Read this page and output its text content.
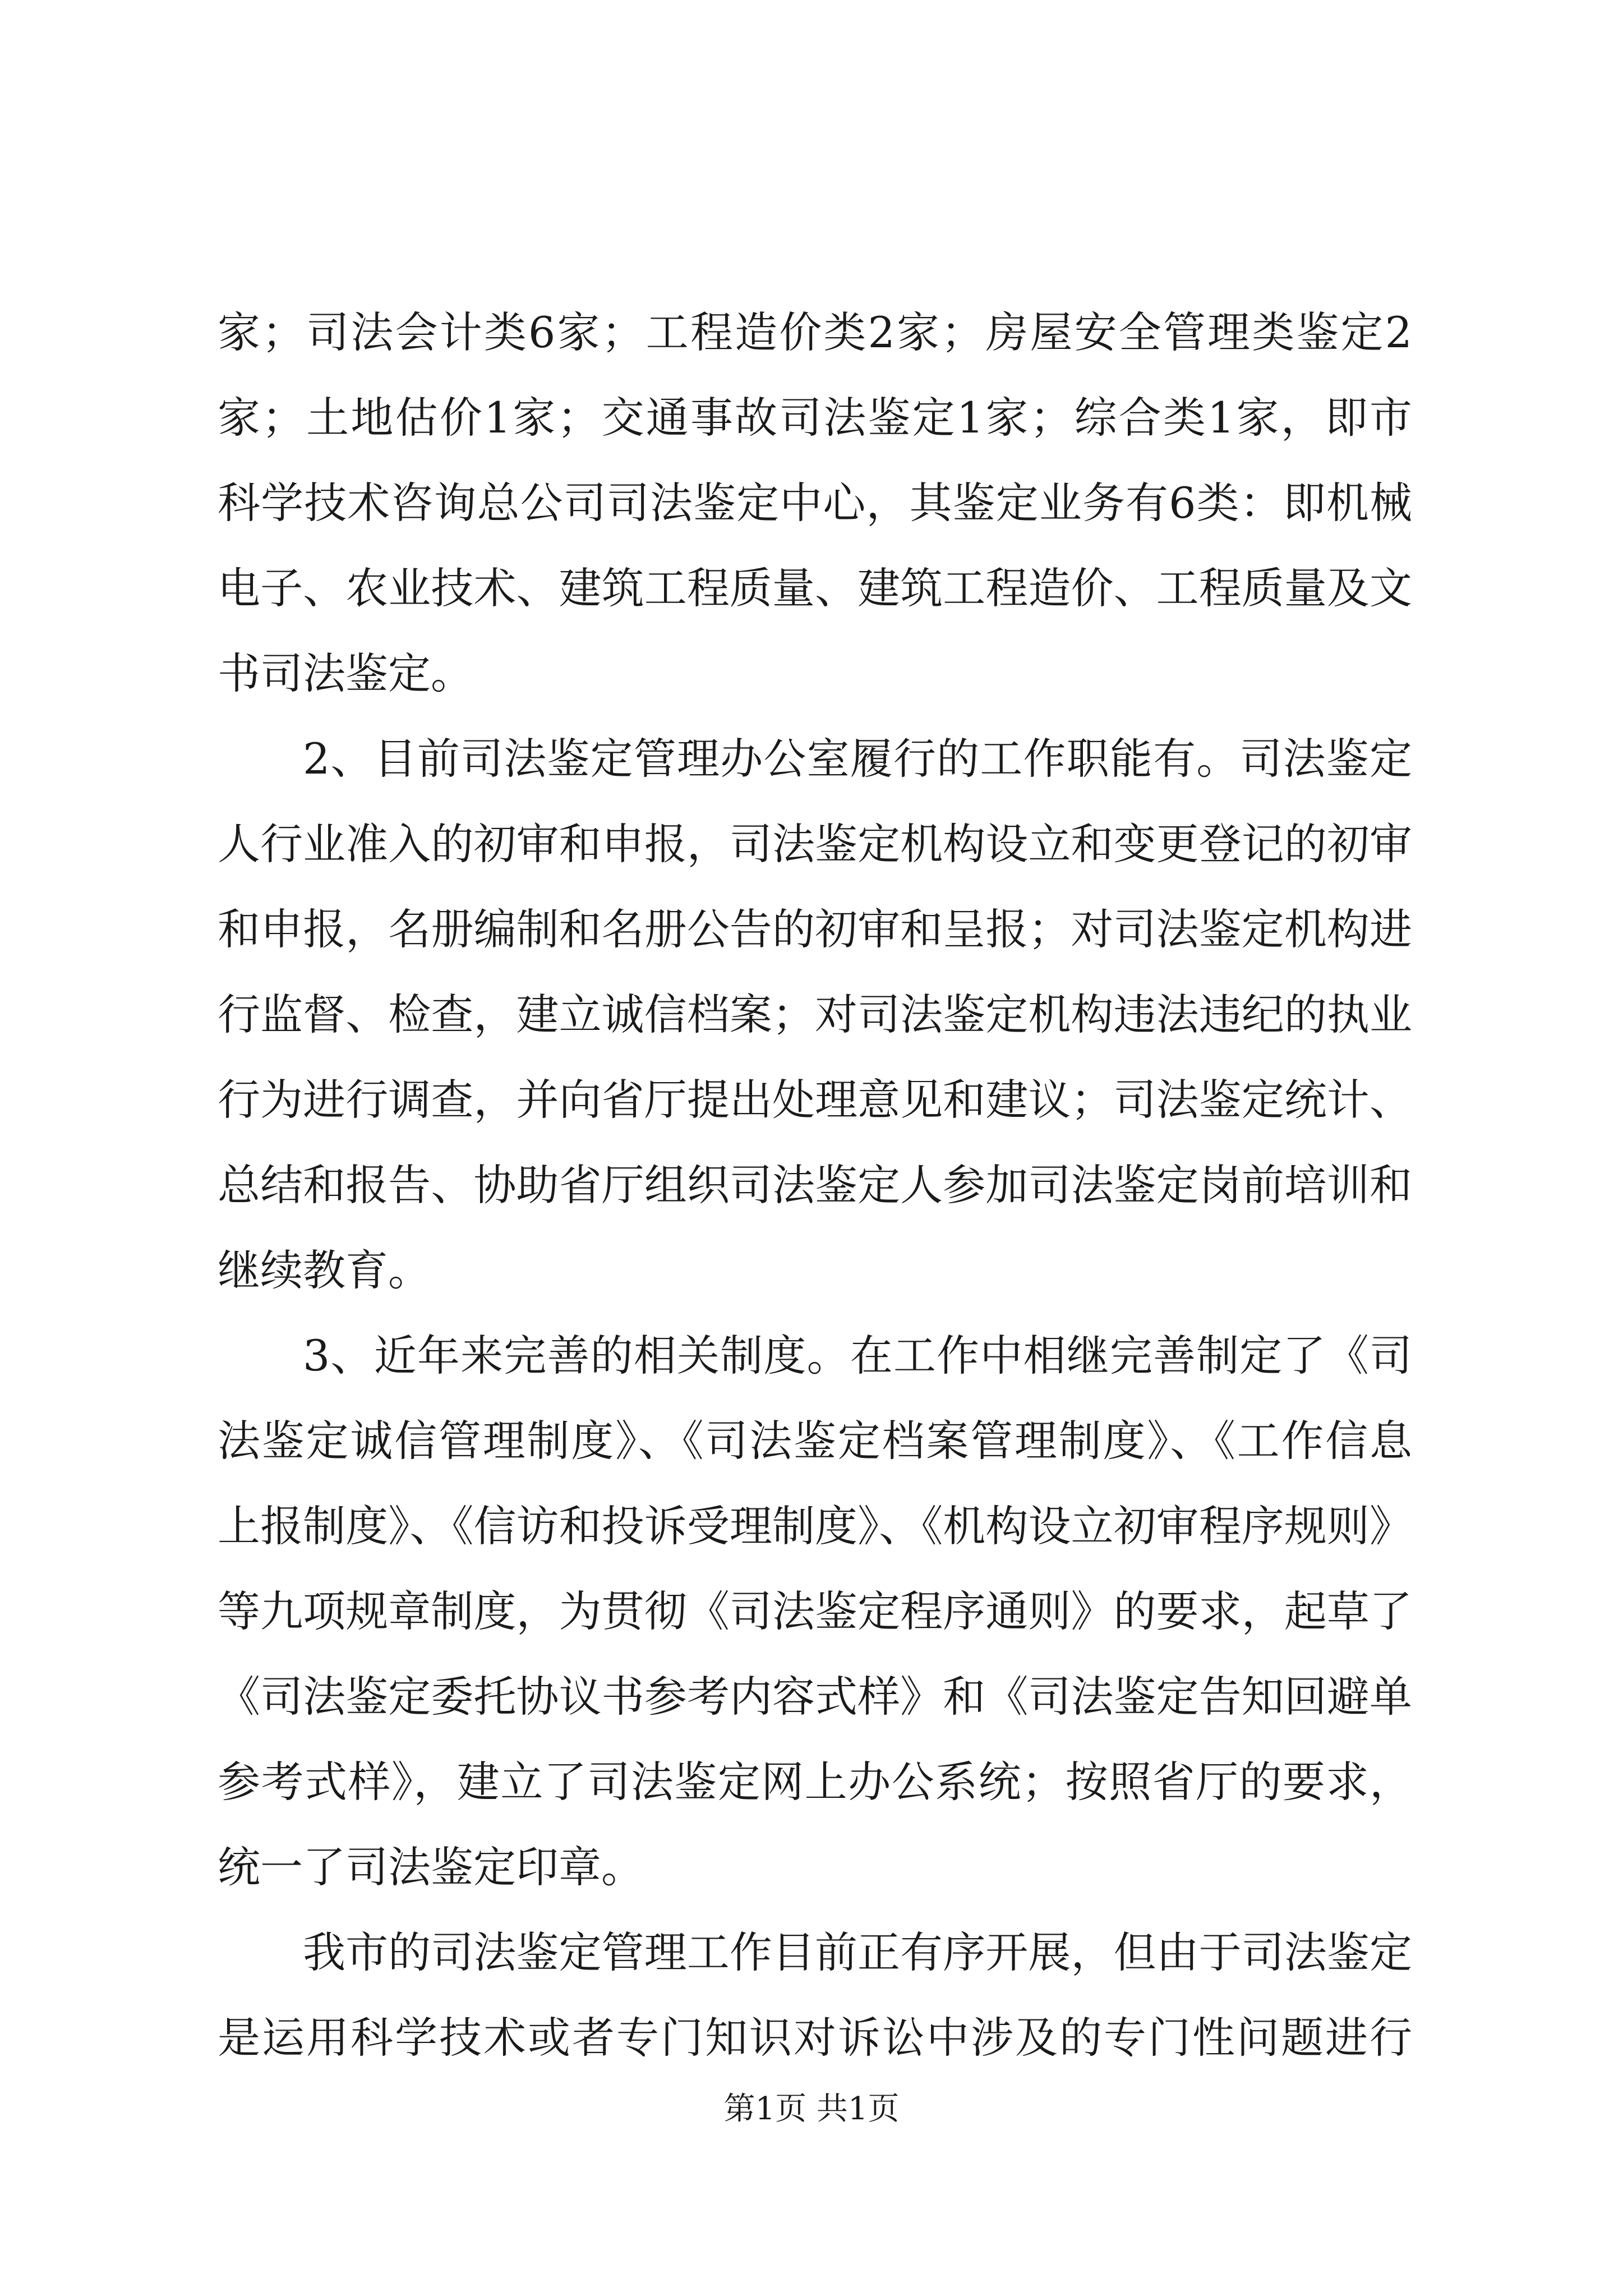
家；司法会计类6家；工程造价类2家；房屋安全管理类鉴定2
家；土地估价1家；交通事故司法鉴定1家；综合类1家，即市
科学技术咨询总公司司法鉴定中心，其鉴定业务有6类：即机械
电子、农业技术、建筑工程质量、建筑工程造价、工程质量及文
书司法鉴定。
2、目前司法鉴定管理办公室履行的工作职能有。司法鉴定
人行业准入的初审和申报，司法鉴定机构设立和变更登记的初审
和申报，名册编制和名册公告的初审和呈报；对司法鉴定机构进
行监督、检查，建立诚信档案；对司法鉴定机构违法违纪的执业
行为进行调查，并向省厅提出处理意见和建议；司法鉴定统计、
总结和报告、协助省厅组织司法鉴定人参加司法鉴定岗前培训和
继续教育。
3、近年来完善的相关制度。在工作中相继完善制定了《司
法鉴定诚信管理制度》、《司法鉴定档案管理制度》、《工作信息
上报制度》、《信访和投诉受理制度》、《机构设立初审程序规则》
等九项规章制度，为贯彻《司法鉴定程序通则》的要求，起草了
《司法鉴定委托协议书参考内容式样》和《司法鉴定告知回避单
参考式样》，建立了司法鉴定网上办公系统；按照省厅的要求，
统一了司法鉴定印章。
我市的司法鉴定管理工作目前正有序开展，但由于司法鉴定
是运用科学技术或者专门知识对诉讼中涉及的专门性问题进行
第1页 共1页
